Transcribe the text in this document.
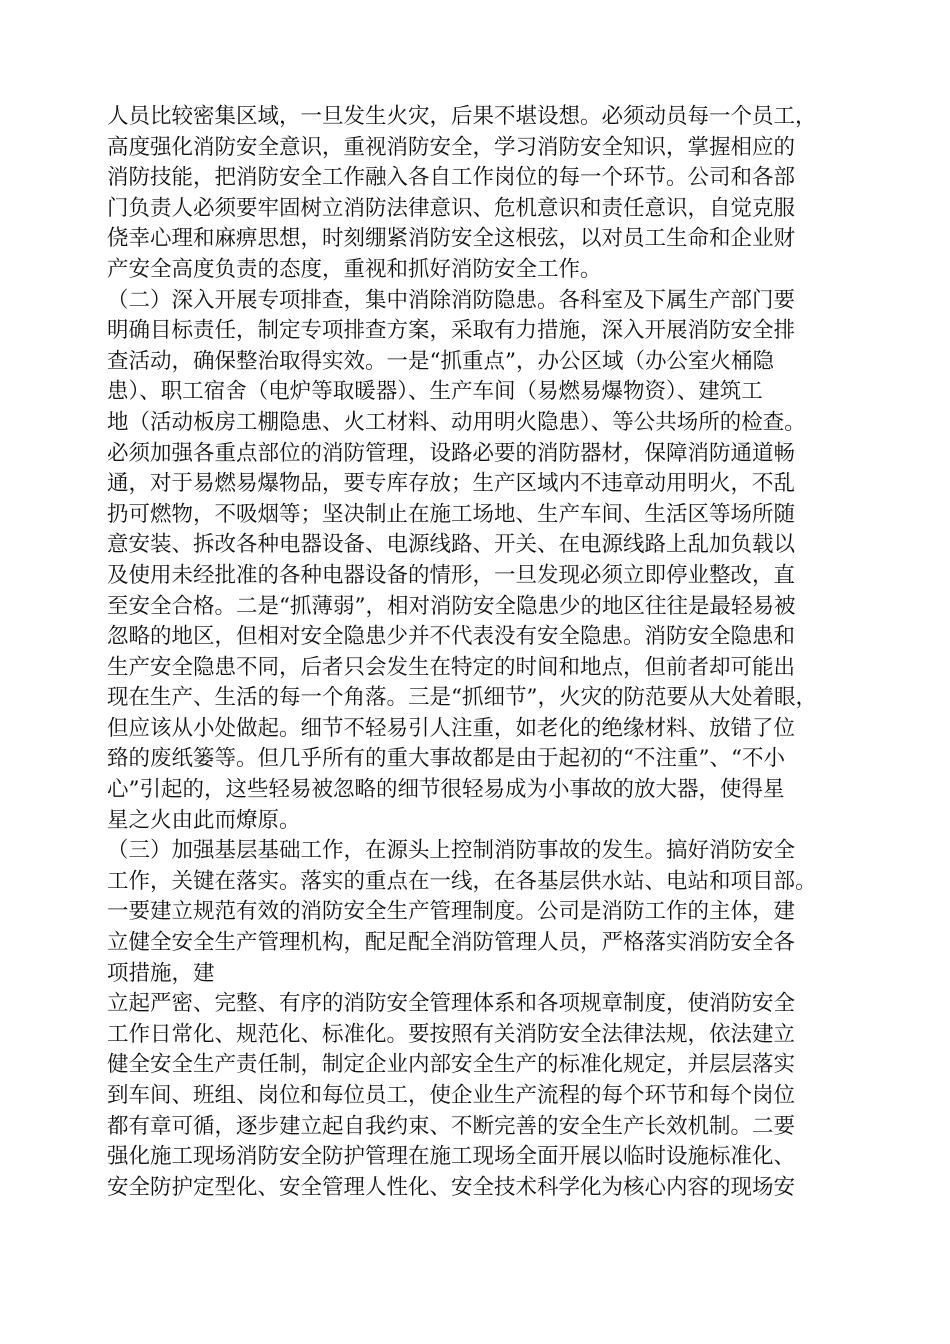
人员比较密集区域，一旦发生火灾，后果不堪设想。必须动员每一个员工，
高度强化消防安全意识，重视消防安全，学习消防安全知识，掌握相应的
消防技能，把消防安全工作融入各自工作岗位的每一个环节。公司和各部
门负责人必须要牢固树立消防法律意识、危机意识和责任意识，自觉克服
侥幸心理和麻痹思想，时刻绷紧消防安全这根弦，以对员工生命和企业财
产安全高度负责的态度，重视和抓好消防安全工作。
（二）深入开展专项排查，集中消除消防隐患。各科室及下属生产部门要
明确目标责任，制定专项排查方案，采取有力措施，深入开展消防安全排
查活动，确保整治取得实效。一是“抓重点”，办公区域（办公室火桶隐
患）、职工宿舍（电炉等取暖器）、生产车间（易燃易爆物资）、建筑工
地（活动板房工棚隐患、火工材料、动用明火隐患）、等公共场所的检查。
必须加强各重点部位的消防管理，设路必要的消防器材，保障消防通道畅
通，对于易燃易爆物品，要专库存放；生产区域内不违章动用明火，不乱
扔可燃物，不吸烟等；坚决制止在施工场地、生产车间、生活区等场所随
意安装、拆改各种电器设备、电源线路、开关、在电源线路上乱加负载以
及使用未经批准的各种电器设备的情形，一旦发现必须立即停业整改，直
至安全合格。二是“抓薄弱”，相对消防安全隐患少的地区往往是最轻易被
忽略的地区，但相对安全隐患少并不代表没有安全隐患。消防安全隐患和
生产安全隐患不同，后者只会发生在特定的时间和地点，但前者却可能出
现在生产、生活的每一个角落。三是“抓细节”，火灾的防范要从大处着眼，
但应该从小处做起。细节不轻易引人注重，如老化的绝缘材料、放错了位
臵的废纸篓等。但几乎所有的重大事故都是由于起初的“不注重”、“不小
心”引起的，这些轻易被忽略的细节很轻易成为小事故的放大器，使得星
星之火由此而燎原。
（三）加强基层基础工作，在源头上控制消防事故的发生。搞好消防安全
工作，关键在落实。落实的重点在一线，在各基层供水站、电站和项目部。
一要建立规范有效的消防安全生产管理制度。公司是消防工作的主体，建
立健全安全生产管理机构，配足配全消防管理人员，严格落实消防安全各
项措施，建
立起严密、完整、有序的消防安全管理体系和各项规章制度，使消防安全
工作日常化、规范化、标准化。要按照有关消防安全法律法规，依法建立
健全安全生产责任制，制定企业内部安全生产的标准化规定，并层层落实
到车间、班组、岗位和每位员工，使企业生产流程的每个环节和每个岗位
都有章可循，逐步建立起自我约束、不断完善的安全生产长效机制。二要
强化施工现场消防安全防护管理在施工现场全面开展以临时设施标准化、
安全防护定型化、安全管理人性化、安全技术科学化为核心内容的现场安
